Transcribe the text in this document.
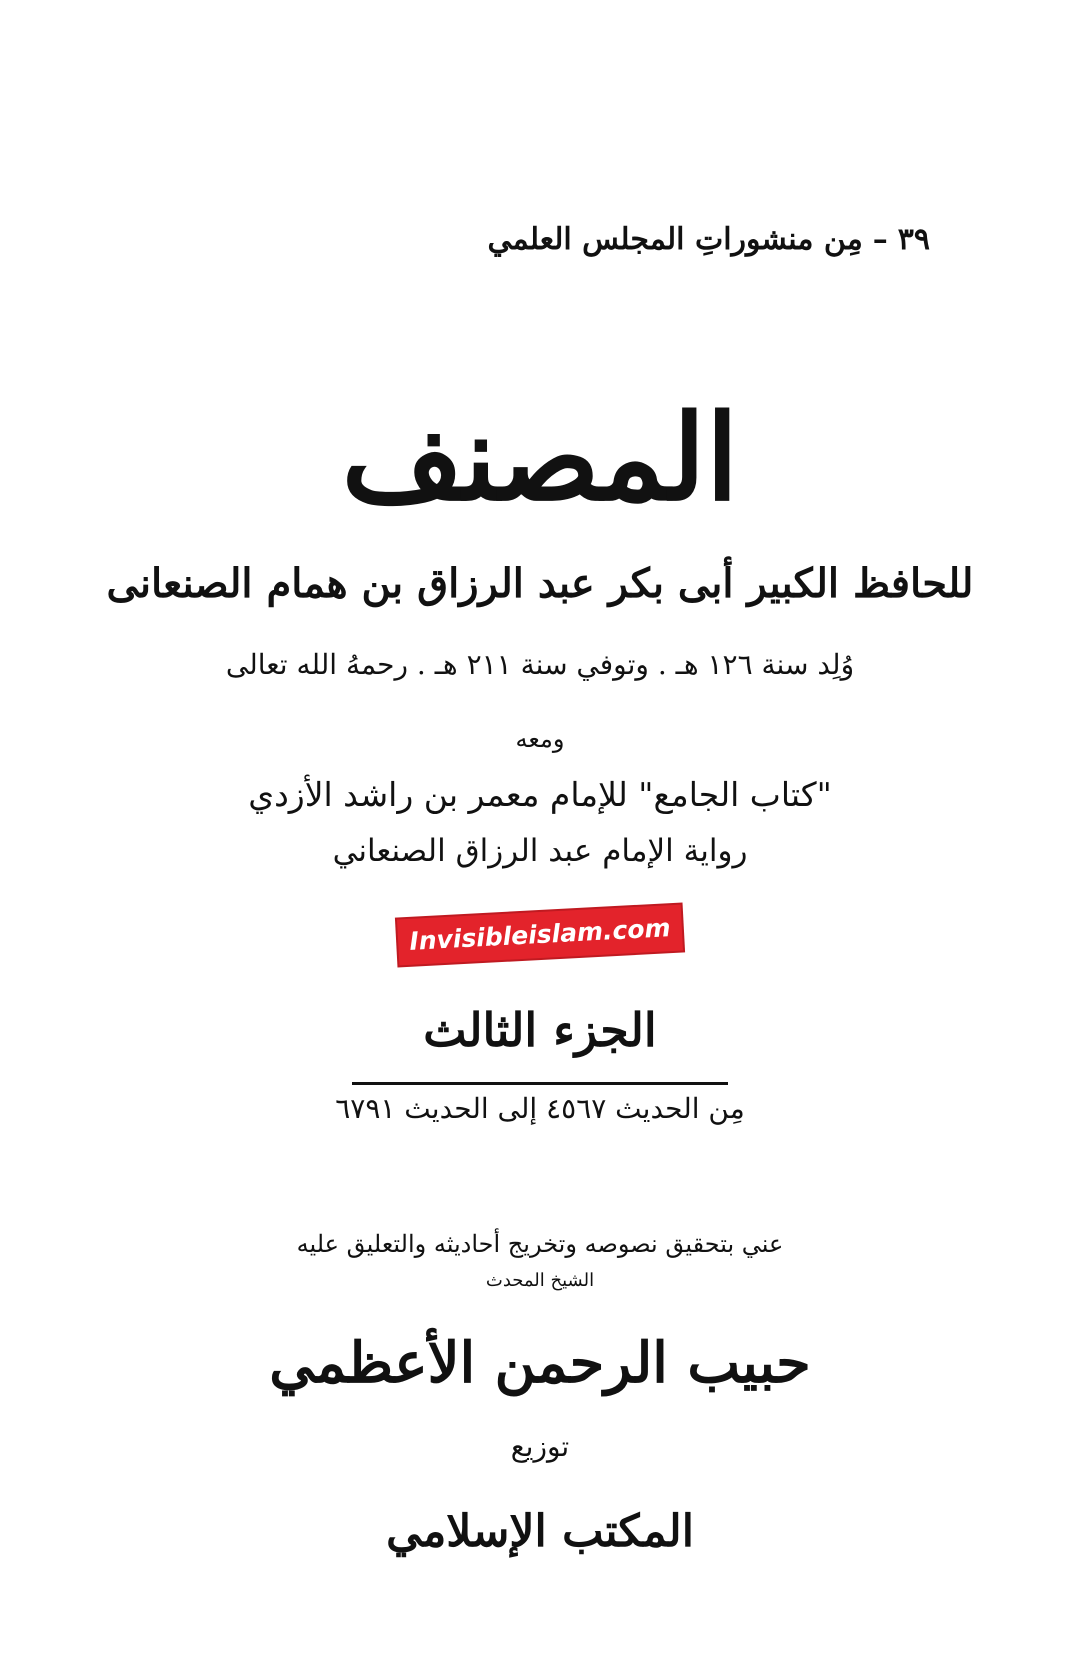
٣٩–مِن منشوراتِ المجلس العلمي
المصنف
للحافظ الكبير أبى بكر عبد الرزاق بن همام الصنعانى
وُلِد سنة ١٢٦ هـ . وتوفي سنة ٢١١ هـ . رحمهُ الله تعالى
ومعه
"كتاب الجامع" للإمام معمر بن راشد الأزدي
رواية الإمام عبد الرزاق الصنعاني
Invisibleislam.com
الجزء الثالث
مِن الحديث ٤٥٦٧ إلى الحديث ٦٧٩١
عني بتحقيق نصوصه وتخريج أحاديثه والتعليق عليه
الشيخ المحدث
حبيب الرحمن الأعظمي
توزيع
المكتب الإسلامي
